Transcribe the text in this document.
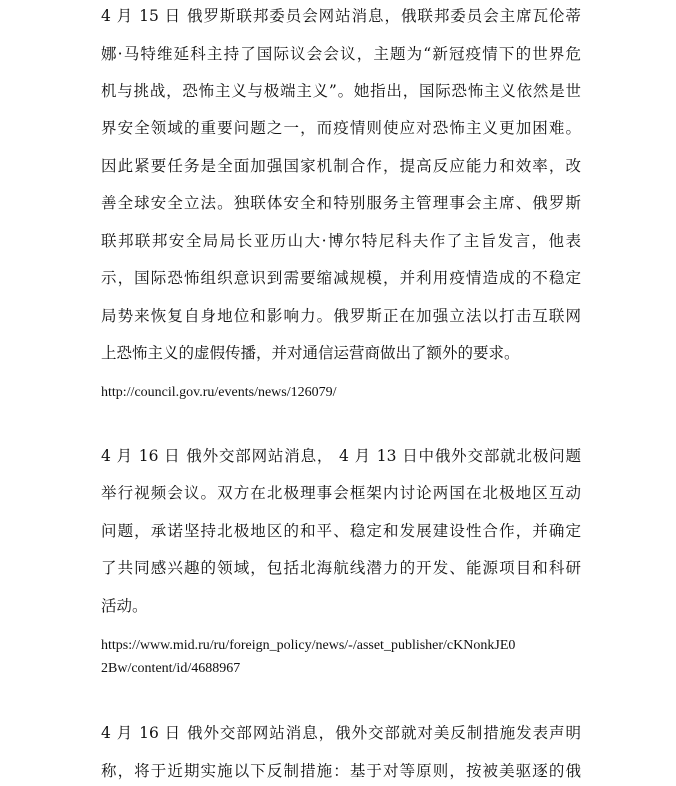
4 月 15 日 俄罗斯联邦委员会网站消息，俄联邦委员会主席瓦伦蒂
娜·马特维延科主持了国际议会会议，主题为“新冠疫情下的世界危
机与挑战，恐怖主义与极端主义”。她指出，国际恐怖主义依然是世
界安全领域的重要问题之一，而疫情则使应对恐怖主义更加困难。
因此紧要任务是全面加强国家机制合作，提高反应能力和效率，改
善全球安全立法。独联体安全和特别服务主管理事会主席、俄罗斯
联邦联邦安全局局长亚历山大·博尔特尼科夫作了主旨发言，他表
示，国际恐怖组织意识到需要缩减规模，并利用疫情造成的不稳定
局势来恢复自身地位和影响力。俄罗斯正在加强立法以打击互联网
上恐怖主义的虚假传播，并对通信运营商做出了额外的要求。
http://council.gov.ru/events/news/126079/
4 月 16 日 俄外交部网站消息， 4 月 13 日中俄外交部就北极问题
举行视频会议。双方在北极理事会框架内讨论两国在北极地区互动
问题，承诺坚持北极地区的和平、稳定和发展建设性合作，并确定
了共同感兴趣的领域，包括北海航线潜力的开发、能源项目和科研
活动。
https://www.mid.ru/ru/foreign_policy/news/-/asset_publisher/cKNonkJE0
2Bw/content/id/4688967
4 月 16 日 俄外交部网站消息，俄外交部就对美反制措施发表声明
称，将于近期实施以下反制措施：基于对等原则，按被美驱逐的俄
